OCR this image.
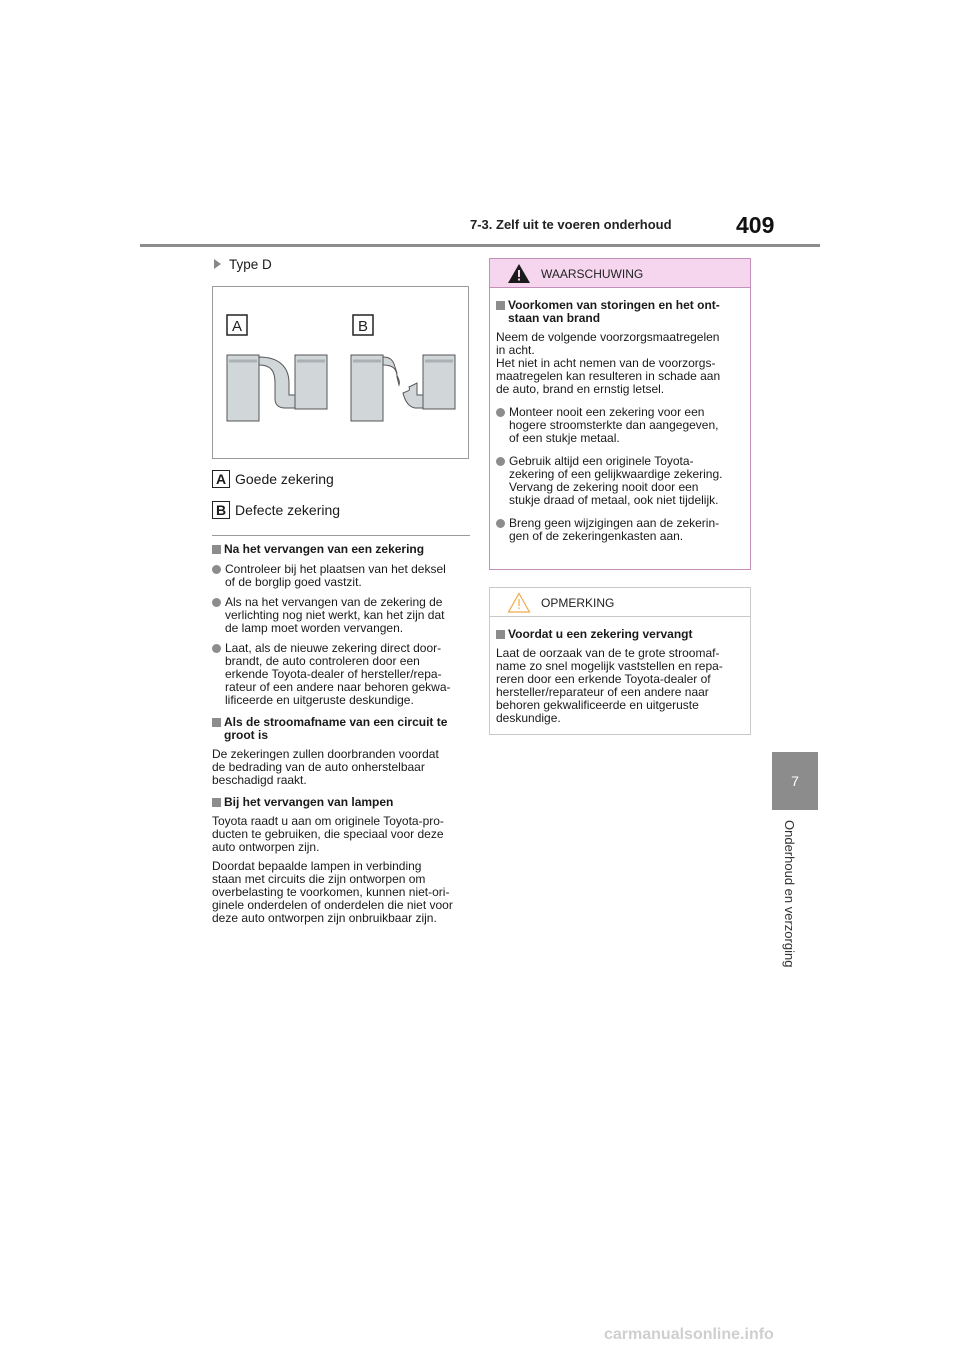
7-3. Zelf uit te voeren onderhoud	409
7
Onderhoud en verzorging
Type D
A	B
A Goede zekering
B Defecte zekering
Na het vervangen van een zekering
Controleer bij het plaatsen van het deksel
of de borglip goed vastzit.
Als na het vervangen van de zekering de
verlichting nog niet werkt, kan het zijn dat
de lamp moet worden vervangen.
Laat, als de nieuwe zekering direct door-
brandt, de auto controleren door een
erkende Toyota-dealer of hersteller/repa-
rateur of een andere naar behoren gekwa-
lificeerde en uitgeruste deskundige.
Als de stroomafname van een circuit te
groot is
De zekeringen zullen doorbranden voordat
de bedrading van de auto onherstelbaar
beschadigd raakt.
Bij het vervangen van lampen
Toyota raadt u aan om originele Toyota-pro-
ducten te gebruiken, die speciaal voor deze
auto ontworpen zijn.
Doordat bepaalde lampen in verbinding
staan met circuits die zijn ontworpen om
overbelasting te voorkomen, kunnen niet-ori-
ginele onderdelen of onderdelen die niet voor
deze auto ontworpen zijn onbruikbaar zijn.
WAARSCHUWING
Voorkomen van storingen en het ont-
staan van brand
Neem de volgende voorzorgsmaatregelen
in acht.
Het niet in acht nemen van de voorzorgs-
maatregelen kan resulteren in schade aan
de auto, brand en ernstig letsel.
Monteer nooit een zekering voor een
hogere stroomsterkte dan aangegeven,
of een stukje metaal.
Gebruik altijd een originele Toyota-
zekering of een gelijkwaardige zekering.
Vervang de zekering nooit door een
stukje draad of metaal, ook niet tijdelijk.
Breng geen wijzigingen aan de zekerin-
gen of de zekeringenkasten aan.
OPMERKING
Voordat u een zekering vervangt
Laat de oorzaak van de te grote stroomaf-
name zo snel mogelijk vaststellen en repa-
reren door een erkende Toyota-dealer of
hersteller/reparateur of een andere naar
behoren gekwalificeerde en uitgeruste
deskundige.
carmanualsonline.info
